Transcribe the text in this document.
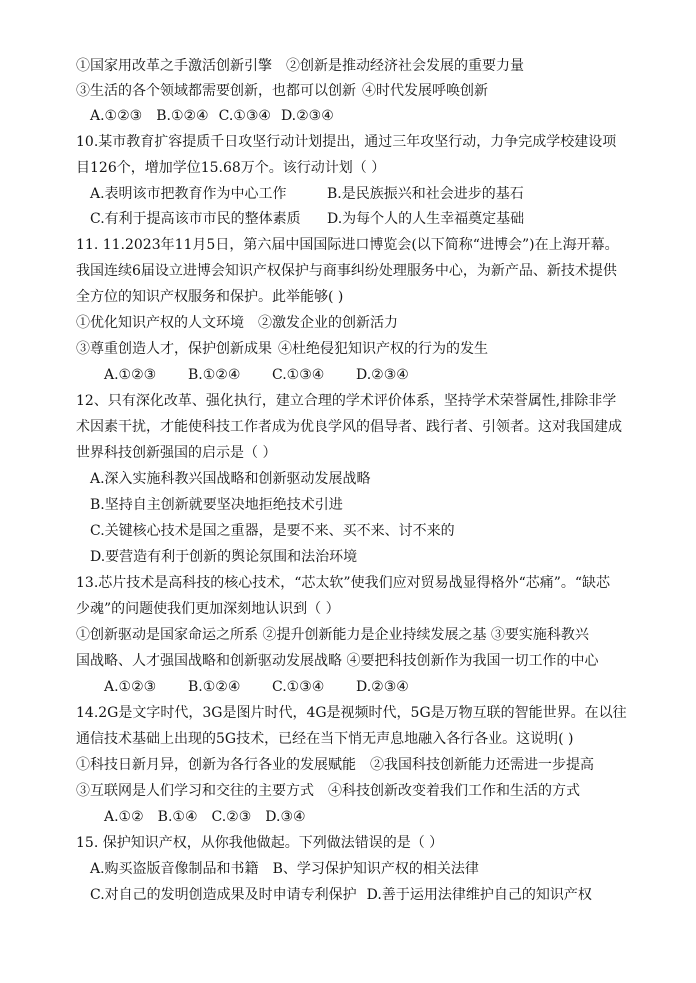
①国家用改革之手激活创新引擎 ②创新是推动经济社会发展的重要力量
③生活的各个领域都需要创新，也都可以创新 ④时代发展呼唤创新
A.①②③ B.①②④ C.①③④ D.②③④
10.某市教育扩容提质千日攻坚行动计划提出，通过三年攻坚行动，力争完成学校建设项
目126个，增加学位15.68万个。该行动计划（ ）
A.表明该市把教育作为中心工作	B.是民族振兴和社会进步的基石
C.有利于提高该市市民的整体素质 D.为每个人的人生幸福奠定基础
11. 11.2023年11月5日，第六届中国国际进口博览会(以下简称“进博会”)在上海开幕。
我国连续6届设立进博会知识产权保护与商事纠纷处理服务中心，为新产品、新技术提供
全方位的知识产权服务和保护。此举能够( )
①优化知识产权的人文环境 ②激发企业的创新活力
③尊重创造人才，保护创新成果 ④杜绝侵犯知识产权的行为的发生
A.①②③ B.①②④ C.①③④ D.②③④
12、只有深化改革、强化执行，建立合理的学术评价体系，坚持学术荣誉属性,排除非学
术因素干扰，才能使科技工作者成为优良学风的倡导者、践行者、引领者。这对我国建成
世界科技创新强国的启示是（ ）
A.深入实施科教兴国战略和创新驱动发展战略
B.坚持自主创新就要坚决地拒绝技术引进
C.关键核心技术是国之重器，是要不来、买不来、讨不来的
D.要营造有利于创新的舆论氛围和法治环境
13.芯片技术是高科技的核心技术，“芯太软”使我们应对贸易战显得格外“芯痛”。“缺芯
少魂”的问题使我们更加深刻地认识到（ ）
①创新驱动是国家命运之所系 ②提升创新能力是企业持续发展之基 ③要实施科教兴
国战略、人才强国战略和创新驱动发展战略 ④要把科技创新作为我国一切工作的中心
A.①②③ B.①②④ C.①③④ D.②③④
14.2G是文字时代，3G是图片时代，4G是视频时代，5G是万物互联的智能世界。在以往
通信技术基础上出现的5G技术，已经在当下悄无声息地融入各行各业。这说明( )
①科技日新月异，创新为各行各业的发展赋能 ②我国科技创新能力还需进一步提高
③互联网是人们学习和交往的主要方式 ④科技创新改变着我们工作和生活的方式
A.①② B.①④ C.②③ D.③④
15. 保护知识产权，从你我他做起。下列做法错误的是（ ）
A.购买盗版音像制品和书籍 B、学习保护知识产权的相关法律
C.对自己的发明创造成果及时申请专利保护 D.善于运用法律维护自己的知识产权
